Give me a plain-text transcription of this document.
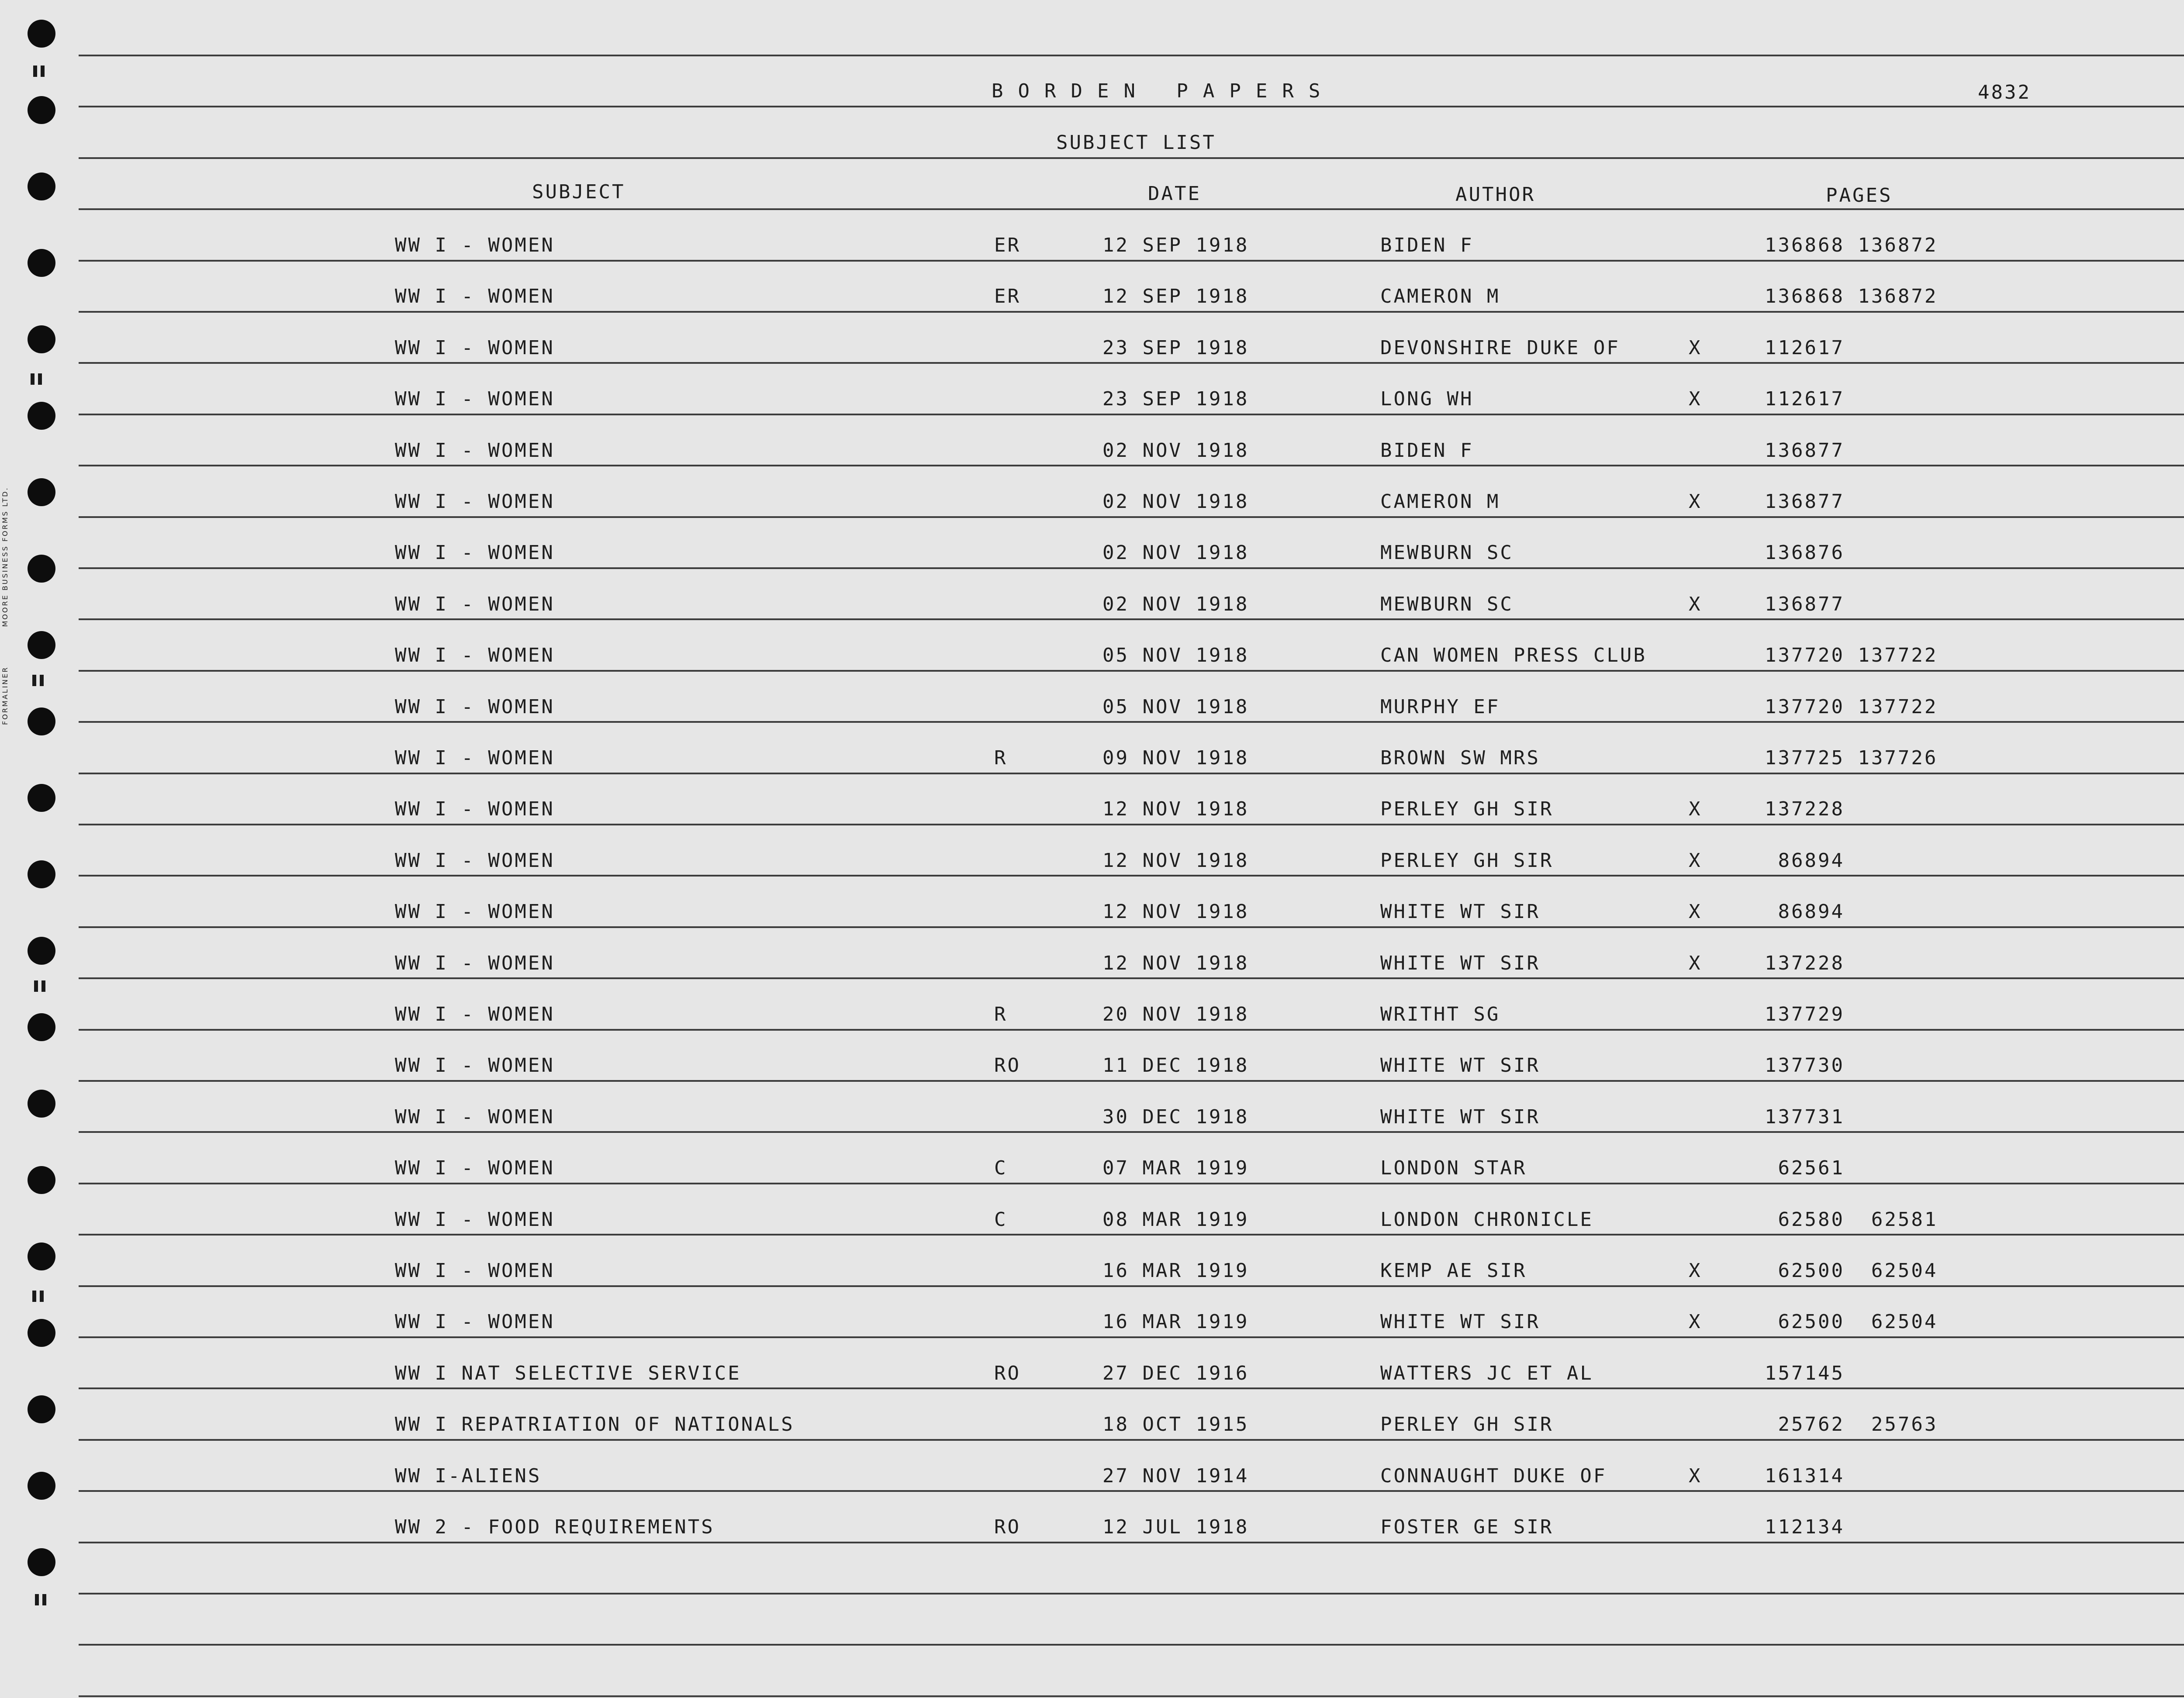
FORMALINERMOORE BUSINESS FORMS LTD.
BORDEN PAPERS	4832
SUBJECT LIST
SUBJECT	DATE	AUTHOR	PAGES
WW I - WOMEN	ER	12 SEP 1918	BIDEN F	136868 136872
WW I - WOMEN	ER	12 SEP 1918	CAMERON M	136868 136872
WW I - WOMEN	23 SEP 1918	DEVONSHIRE DUKE OF	X	112617
WW I - WOMEN	23 SEP 1918	LONG WH	X	112617
WW I - WOMEN	02 NOV 1918	BIDEN F	136877
WW I - WOMEN	02 NOV 1918	CAMERON M	X	136877
WW I - WOMEN	02 NOV 1918	MEWBURN SC	136876
WW I - WOMEN	02 NOV 1918	MEWBURN SC	X	136877
WW I - WOMEN	05 NOV 1918	CAN WOMEN PRESS CLUB	137720 137722
WW I - WOMEN	05 NOV 1918	MURPHY EF	137720 137722
WW I - WOMEN	R	09 NOV 1918	BROWN SW MRS	137725 137726
WW I - WOMEN	12 NOV 1918	PERLEY GH SIR	X	137228
WW I - WOMEN	12 NOV 1918	PERLEY GH SIR	X	86894
WW I - WOMEN	12 NOV 1918	WHITE WT SIR	X	86894
WW I - WOMEN	12 NOV 1918	WHITE WT SIR	X	137228
WW I - WOMEN	R	20 NOV 1918	WRITHT SG	137729
WW I - WOMEN	RO	11 DEC 1918	WHITE WT SIR	137730
WW I - WOMEN	30 DEC 1918	WHITE WT SIR	137731
WW I - WOMEN	C	07 MAR 1919	LONDON STAR	62561
WW I - WOMEN	C	08 MAR 1919	LONDON CHRONICLE	62580  62581
WW I - WOMEN	16 MAR 1919	KEMP AE SIR	X	62500  62504
WW I - WOMEN	16 MAR 1919	WHITE WT SIR	X	62500  62504
WW I NAT SELECTIVE SERVICE	RO	27 DEC 1916	WATTERS JC ET AL	157145
WW I REPATRIATION OF NATIONALS	18 OCT 1915	PERLEY GH SIR	25762  25763
WW I-ALIENS	27 NOV 1914	CONNAUGHT DUKE OF	X	161314
WW 2 - FOOD REQUIREMENTS	RO	12 JUL 1918	FOSTER GE SIR	112134
